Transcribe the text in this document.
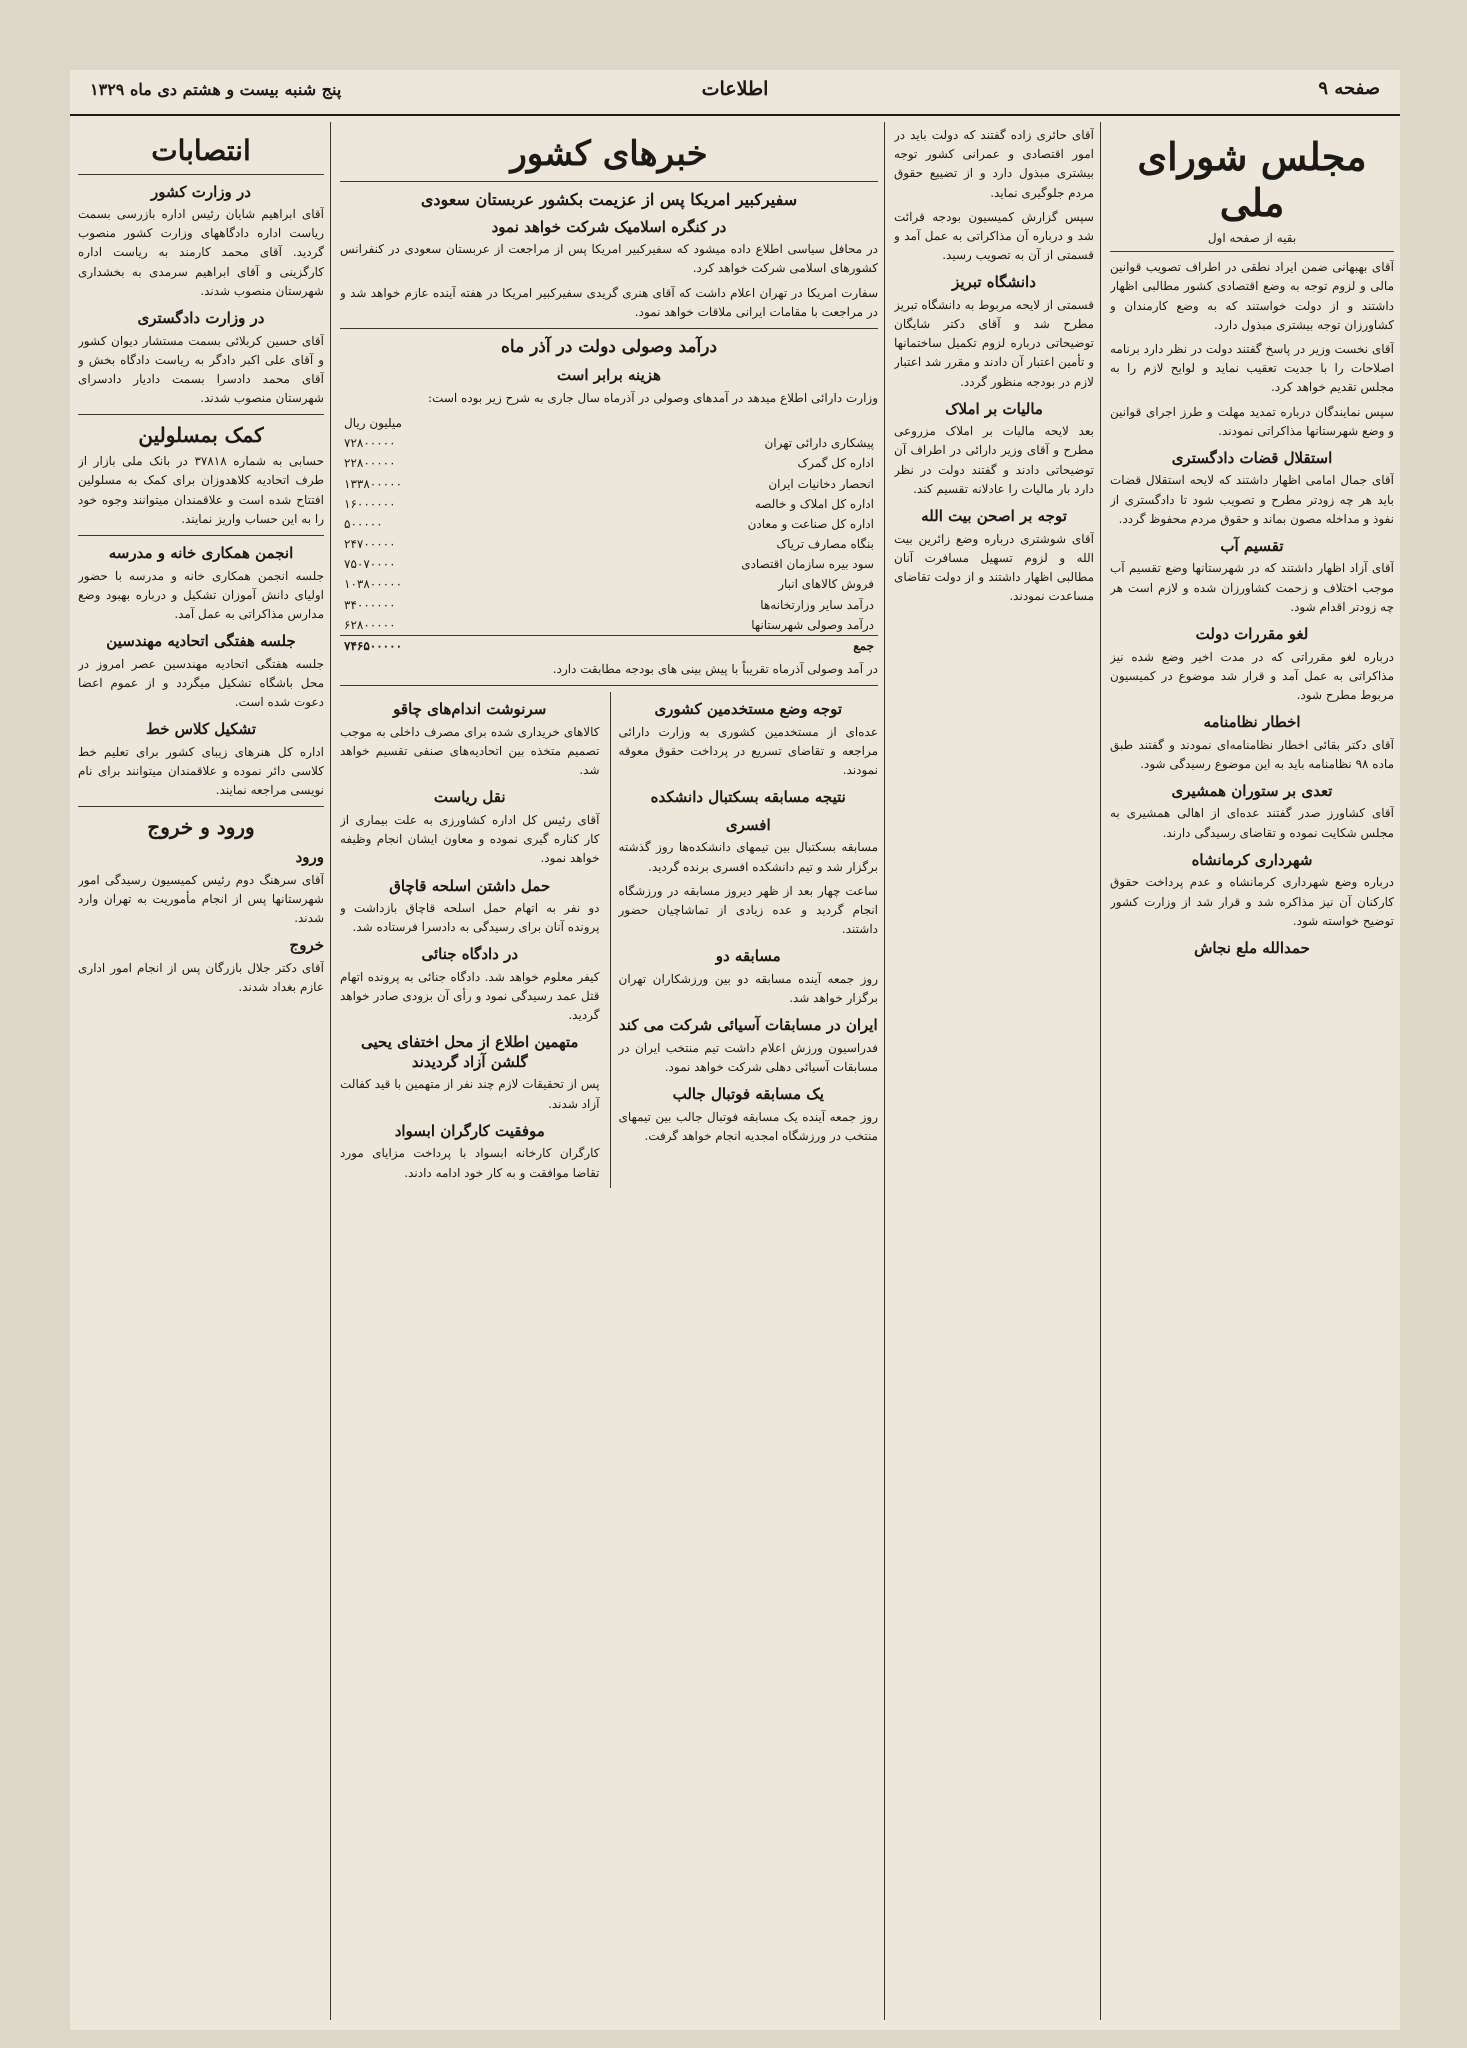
صفحه ۹
اطلاعات
پنج شنبه بیست و هشتم دی ماه ۱۳۲۹
مجلس شورای ملی
بقیه از صفحه اول

آقای بهبهانی ضمن ایراد نطقی در اطراف تصویب قوانین مالی و لزوم توجه به وضع اقتصادی کشور مطالبی اظهار داشتند و از دولت خواستند که به وضع کارمندان و کشاورزان توجه بیشتری مبذول دارد.

آقای نخست وزیر در پاسخ گفتند دولت در نظر دارد برنامه اصلاحات را با جدیت تعقیب نماید و لوایح لازم را به مجلس تقدیم خواهد کرد.

سپس نمایندگان درباره تمدید مهلت و طرز اجرای قوانین و وضع شهرستانها مذاکراتی نمودند.

استقلال قضات دادگستری

آقای جمال امامی اظهار داشتند که لایحه استقلال قضات باید هر چه زودتر مطرح و تصویب شود تا دادگستری از نفوذ و مداخله مصون بماند و حقوق مردم محفوظ گردد.

تقسیم آب

آقای آزاد اظهار داشتند که در شهرستانها وضع تقسیم آب موجب اختلاف و زحمت کشاورزان شده و لازم است هر چه زودتر اقدام شود.

لغو مقررات دولت

درباره لغو مقرراتی که در مدت اخیر وضع شده نیز مذاکراتی به عمل آمد و قرار شد موضوع در کمیسیون مربوط مطرح شود.

اخطار نظامنامه

آقای دکتر بقائی اخطار نظامنامه‌ای نمودند و گفتند طبق ماده ۹۸ نظامنامه باید به این موضوع رسیدگی شود.

تعدی بر ستوران همشیری

آقای کشاورز صدر گفتند عده‌ای از اهالی همشیری به مجلس شکایت نموده و تقاضای رسیدگی دارند.

شهرداری کرمانشاه

درباره وضع شهرداری کرمانشاه و عدم پرداخت حقوق کارکنان آن نیز مذاکره شد و قرار شد از وزارت کشور توضیح خواسته شود.

حمدالله ملع نجاش

آقای حائری زاده گفتند که دولت باید در امور اقتصادی و عمرانی کشور توجه بیشتری مبذول دارد و از تضییع حقوق مردم جلوگیری نماید.

سپس گزارش کمیسیون بودجه قرائت شد و درباره آن مذاکراتی به عمل آمد و قسمتی از آن به تصویب رسید.

دانشگاه تبریز

قسمتی از لایحه مربوط به دانشگاه تبریز مطرح شد و آقای دکتر شایگان توضیحاتی درباره لزوم تکمیل ساختمانها و تأمین اعتبار آن دادند و مقرر شد اعتبار لازم در بودجه منظور گردد.

مالیات بر املاک

بعد لایحه مالیات بر املاک مزروعی مطرح و آقای وزیر دارائی در اطراف آن توضیحاتی دادند و گفتند دولت در نظر دارد بار مالیات را عادلانه تقسیم کند.

توجه بر اصحن بیت الله

آقای شوشتری درباره وضع زائرین بیت الله و لزوم تسهیل مسافرت آنان مطالبی اظهار داشتند و از دولت تقاضای مساعدت نمودند.

خبرهای کشور
سفیرکبیر امریکا پس از عزیمت بکشور عربستان سعودی
در کنگره اسلامیک شرکت خواهد نمود

در محافل سیاسی اطلاع داده میشود که سفیرکبیر امریکا پس از مراجعت از عربستان سعودی در کنفرانس کشورهای اسلامی شرکت خواهد کرد.

سفارت امریکا در تهران اعلام داشت که آقای هنری گریدی سفیرکبیر امریکا در هفته آینده عازم خواهد شد و در مراجعت با مقامات ایرانی ملاقات خواهد نمود.

درآمد وصولی دولت در آذر ماه
هزینه برابر است

وزارت دارائی اطلاع میدهد در آمدهای وصولی در آذرماه سال جاری به شرح زیر بوده است:

	میلیون ریال
پیشکاری دارائی تهران	۷۲۸۰۰۰۰۰
اداره کل گمرک	۲۲۸۰۰۰۰۰
انحصار دخانیات ایران	۱۳۳۸۰۰۰۰۰
اداره کل املاک و خالصه	۱۶۰۰۰۰۰۰
اداره کل صناعت و معادن	۵۰۰۰۰۰
بنگاه مصارف تریاک	۲۴۷۰۰۰۰۰
سود بیره سازمان اقتصادی	۷۵۰۷۰۰۰۰
فروش کالاهای انبار	۱۰۳۸۰۰۰۰۰
درآمد سایر وزارتخانه‌ها	۳۴۰۰۰۰۰۰
درآمد وصولی شهرستانها	۶۲۸۰۰۰۰۰
جمع	۷۴۶۵۰۰۰۰۰

در آمد وصولی آذرماه تقریباً با پیش بینی های بودجه مطابقت دارد.

توجه وضع مستخدمین کشوری

عده‌ای از مستخدمین کشوری به وزارت دارائی مراجعه و تقاضای تسریع در پرداخت حقوق معوقه نمودند.

نتیجه مسابقه بسکتبال دانشکده
افسری

مسابقه بسکتبال بین تیمهای دانشکده‌ها روز گذشته برگزار شد و تیم دانشکده افسری برنده گردید.

ساعت چهار بعد از ظهر دیروز مسابقه در ورزشگاه انجام گردید و عده زیادی از تماشاچیان حضور داشتند.

مسابقه دو

روز جمعه آینده مسابقه دو بین ورزشکاران تهران برگزار خواهد شد.

ایران در مسابقات آسیائی شرکت می کند

فدراسیون ورزش اعلام داشت تیم منتخب ایران در مسابقات آسیائی دهلی شرکت خواهد نمود.

یک مسابقه فوتبال جالب

روز جمعه آینده یک مسابقه فوتبال جالب بین تیمهای منتخب در ورزشگاه امجدیه انجام خواهد گرفت.

سرنوشت اندام‌های چاقو

کالاهای خریداری شده برای مصرف داخلی به موجب تصمیم متخذه بین اتحادیه‌های صنفی تقسیم خواهد شد.

نقل ریاست

آقای رئیس کل اداره کشاورزی به علت بیماری از کار کناره گیری نموده و معاون ایشان انجام وظیفه خواهد نمود.

حمل داشتن اسلحه قاچاق

دو نفر به اتهام حمل اسلحه قاچاق بازداشت و پرونده آنان برای رسیدگی به دادسرا فرستاده شد.

در دادگاه جنائی

کیفر معلوم خواهد شد. دادگاه جنائی به پرونده اتهام قتل عمد رسیدگی نمود و رأی آن بزودی صادر خواهد گردید.

متهمین اطلاع از محل اختفای یحیی گلشن آزاد گردیدند

پس از تحقیقات لازم چند نفر از متهمین با قید کفالت آزاد شدند.

موفقیت کارگران ابسواد

کارگران کارخانه ابسواد با پرداخت مزایای مورد تقاضا موافقت و به کار خود ادامه دادند.

انتصابات
در وزارت کشور

آقای ابراهیم شایان رئیس اداره بازرسی بسمت ریاست اداره دادگاههای وزارت کشور منصوب گردید. آقای محمد کارمند به ریاست اداره کارگزینی و آقای ابراهیم سرمدی به بخشداری شهرستان منصوب شدند.

در وزارت دادگستری

آقای حسین کربلائی بسمت مستشار دیوان کشور و آقای علی اکبر دادگر به ریاست دادگاه بخش و آقای محمد دادسرا بسمت دادیار دادسرای شهرستان منصوب شدند.

کمک بمسلولین

حسابی به شماره ۳۷۸۱۸ در بانک ملی بازار از طرف اتحادیه کلاهدوزان برای کمک به مسلولین افتتاح شده است و علاقمندان میتوانند وجوه خود را به این حساب واریز نمایند.

انجمن همکاری خانه و مدرسه

جلسه انجمن همکاری خانه و مدرسه با حضور اولیای دانش آموزان تشکیل و درباره بهبود وضع مدارس مذاکراتی به عمل آمد.

جلسه هفتگی اتحادیه مهندسین

جلسه هفتگی اتحادیه مهندسین عصر امروز در محل باشگاه تشکیل میگردد و از عموم اعضا دعوت شده است.

تشکیل کلاس خط

اداره کل هنرهای زیبای کشور برای تعلیم خط کلاسی دائر نموده و علاقمندان میتوانند برای نام نویسی مراجعه نمایند.

ورود و خروج
ورود

آقای سرهنگ دوم رئیس کمیسیون رسیدگی امور شهرستانها پس از انجام مأموریت به تهران وارد شدند.

خروج

آقای دکتر جلال بازرگان پس از انجام امور اداری عازم بغداد شدند.
